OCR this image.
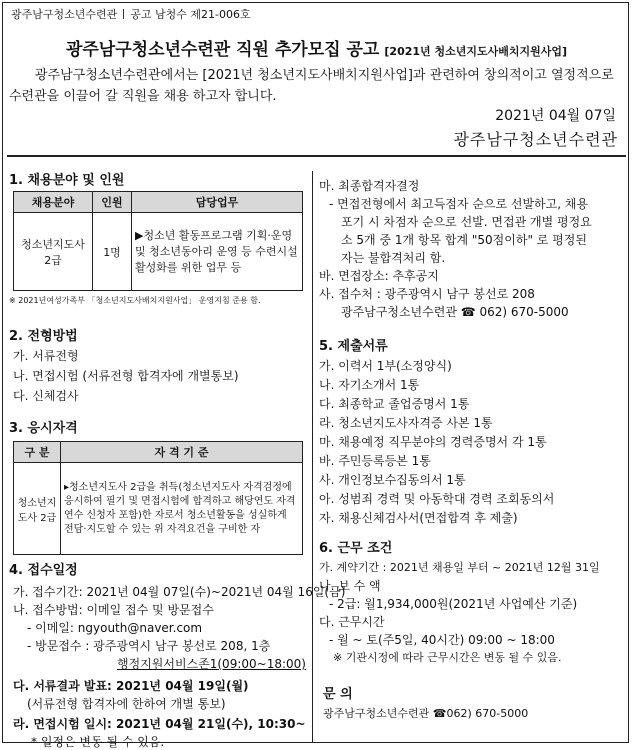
광주남구청소년수련관 공고 남청수 제21-006호
광주남구청소년수련관 직원 추가모집 공고 [2021년 청소년지도사배치지원사업]
광주남구청소년수련관에서는 [2021년 청소년지도사배치지원사업]과 관련하여 창의적이고 열정적으로 수련관을 이끌어 갈 직원을 채용 하고자 합니다.
2021년 04월 07일
광주남구청소년수련관
1. 채용분야 및 인원
채용분야	인원	담당업무
청소년지도사 2급	1명	▶청소년 활동프로그램 기획·운영 및 청소년동아리 운영 등 수련시설 활성화를 위한 업무 등
※ 2021년여성가족부 「청소년지도사배치지원사업」 운영지침 준용 함.
2. 전형방법
가. 서류전형
나. 면접시험 (서류전형 합격자에 개별통보)
다. 신체검사
3. 응시자격
구 분	자 격 기 준
청소년지도사 2급	▸청소년지도사 2급을 취득(청소년지도사 자격검정에 응시하여 필기 및 면접시험에 합격하고 해당연도 자격연수 신청자 포함)한 자로서 청소년활동을 성실하게 전담·지도할 수 있는 위 자격요건을 구비한 자
4. 접수일정
가. 접수기간: 2021년 04월 07일(수)~2021년 04월 16일(금)
나. 접수방법: 이메일 접수 및 방문접수
- 이메일: ngyouth@naver.com
- 방문접수 : 광주광역시 남구 봉선로 208, 1층
행정지원서비스존1(09:00~18:00)
다. 서류결과 발표: 2021년 04월 19일(월)
(서류전형 합격자에 한하여 개별 통보)
라. 면접시험 일시: 2021년 04월 21일(수), 10:30~
* 일정은 변동 될 수 있음.
마. 최종합격자결정
- 면접전형에서 최고득점자 순으로 선발하고, 채용
포기 시 차점자 순으로 선발. 면접관 개별 평정요
소 5개 중 1개 항목 합계 "50점이하" 로 평정된
자는 불합격처리 함.
바. 면접장소: 추후공지
사. 접수처 : 광주광역시 남구 봉선로 208
광주남구청소년수련관 ☎ 062) 670-5000
5. 제출서류
가. 이력서 1부(소정양식)
나. 자기소개서 1통
다. 최종학교 졸업증명서 1통
라. 청소년지도사자격증 사본 1통
마. 채용예정 직무분야의 경력증명서 각 1통
바. 주민등록등본 1통
사. 개인정보수집동의서 1통
아. 성범죄 경력 및 아동학대 경력 조회동의서
자. 채용신체검사서(면접합격 후 제출)
6. 근무 조건
가. 계약기간 : 2021년 채용일 부터 ~ 2021년 12월 31일
나. 보 수 액
- 2급: 월1,934,000원(2021년 사업예산 기준)
다. 근무시간
- 월 ~ 토(주5일, 40시간) 09:00 ~ 18:00
※ 기관시정에 따라 근무시간은 변동 될 수 있음.
문 의
광주남구청소년수련관 ☎062) 670-5000
